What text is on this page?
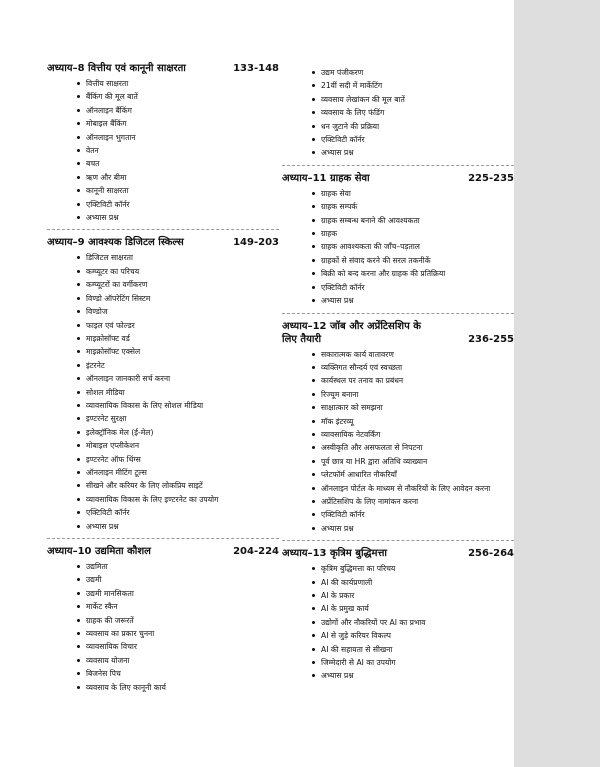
अध्याय–8 वित्तीय एवं कानूनी साक्षरता	133-148
वित्तीय साक्षरता
बैंकिंग की मूल बातें
ऑनलाइन बैंकिंग
मोबाइल बैंकिंग
ऑनलाइन भुगतान
वेतन
बचत
ऋण और बीमा
कानूनी साक्षरता
एक्टिविटी कॉर्नर
अभ्यास प्रश्न
अध्याय–9 आवश्यक डिजिटल स्किल्स	149-203
डिजिटल साक्षरता
कम्प्यूटर का परिचय
कम्प्यूटरों का वर्गीकरण
विण्डो ऑपरेटिंग सिस्टम
विण्डोज
फाइल एवं फोल्डर
माइक्रोसॉफ्ट वर्ड
माइक्रोसॉफ्ट एक्सेल
इंटरनेट
ऑनलाइन जानकारी सर्च करना
सोशल मीडिया
व्यावसायिक विकास के लिए सोशल मीडिया
इण्टरनेट सुरक्षा
इलेक्ट्रॉनिक मेल (ई-मेल)
मोबाइल एप्लीकेशन
इण्टरनेट ऑफ थिंग्स
ऑनलाइन मीटिंग टूल्स
सीखने और करियर के लिए लोकप्रिय साइटें
व्यावसायिक विकास के लिए इण्टरनेट का उपयोग
एक्टिविटी कॉर्नर
अभ्यास प्रश्न
अध्याय–10 उद्यमिता कौशल	204-224
उद्यमिता
उद्यमी
उद्यमी मानसिकता
मार्केट स्कैन
ग्राहक की जरूरतें
व्यवसाय का प्रकार चुनना
व्यावसायिक विचार
व्यवसाय योजना
बिजनेस पिच
व्यवसाय के लिए कानूनी कार्य
उद्यम पंजीकरण
21वीं सदी में मार्केटिंग
व्यवसाय लेखांकन की मूल बातें
व्यवसाय के लिए फंडिंग
धन जुटाने की प्रक्रिया
एक्टिविटी कॉर्नर
अभ्यास प्रश्न
अध्याय–11 ग्राहक सेवा	225-235
ग्राहक सेवा
ग्राहक सम्पर्क
ग्राहक सम्बन्ध बनाने की आवश्यकता
ग्राहक
ग्राहक आवश्यकता की जाँच–पड़ताल
ग्राहकों से संवाद करने की सरल तकनीकें
बिक्री को बन्द करना और ग्राहक की प्रतिक्रिया
एक्टिविटी कॉर्नर
अभ्यास प्रश्न
अध्याय–12 जॉब और अप्रेंटिसशिप के लिए तैयारी	236-255
सकारात्मक कार्य वातावरण
व्यक्तिगत सौन्दर्य एवं स्वच्छता
कार्यस्थल पर तनाव का प्रबंधन
रिज्यूम बनाना
साक्षात्कार को समझना
मॉक इंटरव्यू
व्यावसायिक नेटवर्किंग
अस्वीकृति और असफलता से निपटना
पूर्व छात्र या HR द्वारा अतिथि व्याख्यान
प्लेटफॉर्म आधारित नौकरियाँ
ऑनलाइन पोर्टल के माध्यम से नौकरियों के लिए आवेदन करना
अप्रेंटिसशिप के लिए नामांकन करना
एक्टिविटी कॉर्नर
अभ्यास प्रश्न
अध्याय–13 कृत्रिम बुद्धिमत्ता	256-264
कृत्रिम बुद्धिमत्ता का परिचय
AI की कार्यप्रणाली
AI के प्रकार
AI के प्रमुख कार्य
उद्योगों और नौकरियों पर AI का प्रभाव
AI से जुड़े करियर विकल्प
AI की सहायता से सीखना
जिम्मेदारी से AI का उपयोग
अभ्यास प्रश्न
